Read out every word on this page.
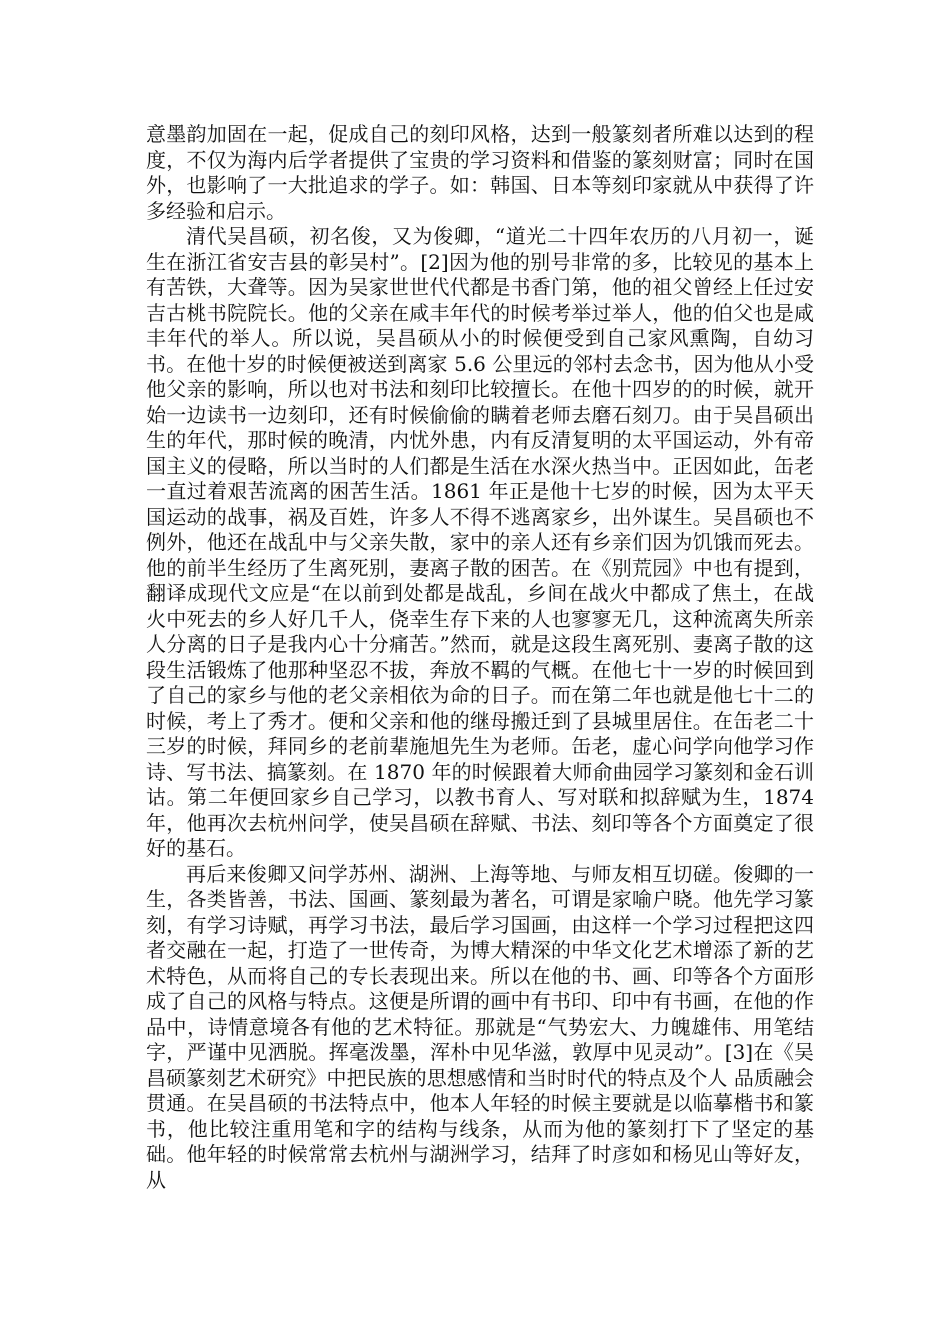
意墨韵加固在一起，促成自己的刻印风格，达到一般篆刻者所难以达到的程度，不仅为海内后学者提供了宝贵的学习资料和借鉴的篆刻财富；同时在国外，也影响了一大批追求的学子。如：韩国、日本等刻印家就从中获得了许多经验和启示。

清代吴昌硕，初名俊，又为俊卿，“道光二十四年农历的八月初一，诞生在浙江省安吉县的彰吴村”。[2]因为他的别号非常的多，比较见的基本上有苦铁，大聋等。因为吴家世世代代都是书香门第，他的祖父曾经上任过安吉古桃书院院长。他的父亲在咸丰年代的时候考举过举人，他的伯父也是咸丰年代的举人。所以说，吴昌硕从小的时候便受到自己家风熏陶，自幼习书。在他十岁的时候便被送到离家 5.6 公里远的邻村去念书，因为他从小受他父亲的影响，所以也对书法和刻印比较擅长。在他十四岁的的时候，就开始一边读书一边刻印，还有时候偷偷的瞒着老师去磨石刻刀。由于吴昌硕出生的年代，那时候的晚清，内忧外患，内有反清复明的太平国运动，外有帝国主义的侵略，所以当时的人们都是生活在水深火热当中。正因如此，缶老一直过着艰苦流离的困苦生活。1861 年正是他十七岁的时候，因为太平天国运动的战事，祸及百姓，许多人不得不逃离家乡，出外谋生。吴昌硕也不例外，他还在战乱中与父亲失散，家中的亲人还有乡亲们因为饥饿而死去。他的前半生经历了生离死别，妻离子散的困苦。在《别荒园》中也有提到，翻译成现代文应是“在以前到处都是战乱，乡间在战火中都成了焦土，在战火中死去的乡人好几千人，侥幸生存下来的人也寥寥无几，这种流离失所亲人分离的日子是我内心十分痛苦。”然而，就是这段生离死别、妻离子散的这段生活锻炼了他那种坚忍不拔，奔放不羁的气概。在他七十一岁的时候回到了自己的家乡与他的老父亲相依为命的日子。而在第二年也就是他七十二的时候，考上了秀才。便和父亲和他的继母搬迁到了县城里居住。在缶老二十三岁的时候，拜同乡的老前辈施旭先生为老师。缶老，虚心问学向他学习作诗、写书法、搞篆刻。在 1870 年的时候跟着大师俞曲园学习篆刻和金石训诂。第二年便回家乡自己学习，以教书育人、写对联和拟辞赋为生，1874 年，他再次去杭州问学，使吴昌硕在辞赋、书法、刻印等各个方面奠定了很好的基石。

再后来俊卿又问学苏州、湖洲、上海等地、与师友相互切磋。俊卿的一生，各类皆善，书法、国画、篆刻最为著名，可谓是家喻户晓。他先学习篆刻，有学习诗赋，再学习书法，最后学习国画，由这样一个学习过程把这四者交融在一起，打造了一世传奇，为博大精深的中华文化艺术增添了新的艺术特色，从而将自己的专长表现出来。所以在他的书、画、印等各个方面形成了自己的风格与特点。这便是所谓的画中有书印、印中有书画，在他的作品中，诗情意境各有他的艺术特征。那就是“气势宏大、力魄雄伟、用笔结字，严谨中见洒脱。挥毫泼墨，浑朴中见华滋，敦厚中见灵动”。[3]在《吴昌硕篆刻艺术研究》中把民族的思想感情和当时时代的特点及个人 品质融会贯通。在吴昌硕的书法特点中，他本人年轻的时候主要就是以临摹楷书和篆书，他比较注重用笔和字的结构与线条，从而为他的篆刻打下了坚定的基础。他年轻的时候常常去杭州与湖洲学习，结拜了时彦如和杨见山等好友，从
